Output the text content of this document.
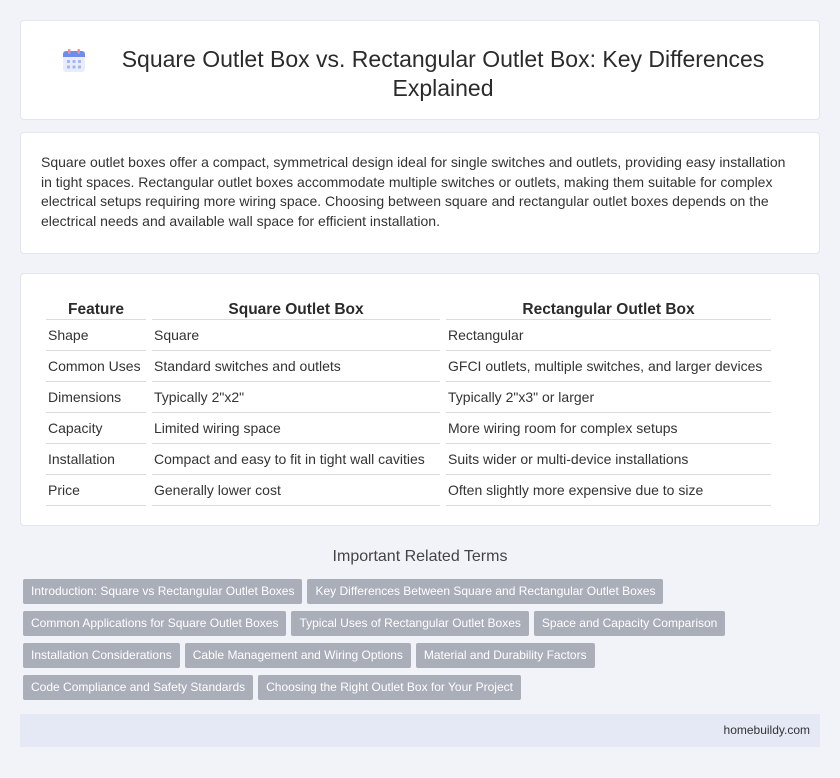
Square Outlet Box vs. Rectangular Outlet Box: Key Differences Explained

Square outlet boxes offer a compact, symmetrical design ideal for single switches and outlets, providing easy installation in tight spaces. Rectangular outlet boxes accommodate multiple switches or outlets, making them suitable for complex electrical setups requiring more wiring space. Choosing between square and rectangular outlet boxes depends on the electrical needs and available wall space for efficient installation.

Feature	Square Outlet Box	Rectangular Outlet Box
Shape	Square	Rectangular
Common Uses	Standard switches and outlets	GFCI outlets, multiple switches, and larger devices
Dimensions	Typically 2"x2"	Typically 2"x3" or larger
Capacity	Limited wiring space	More wiring room for complex setups
Installation	Compact and easy to fit in tight wall cavities	Suits wider or multi-device installations
Price	Generally lower cost	Often slightly more expensive due to size
Important Related Terms
Introduction: Square vs Rectangular Outlet Boxes Key Differences Between Square and Rectangular Outlet Boxes
Common Applications for Square Outlet Boxes Typical Uses of Rectangular Outlet Boxes Space and Capacity Comparison
Installation Considerations Cable Management and Wiring Options Material and Durability Factors
Code Compliance and Safety Standards Choosing the Right Outlet Box for Your Project
homebuildy.com
